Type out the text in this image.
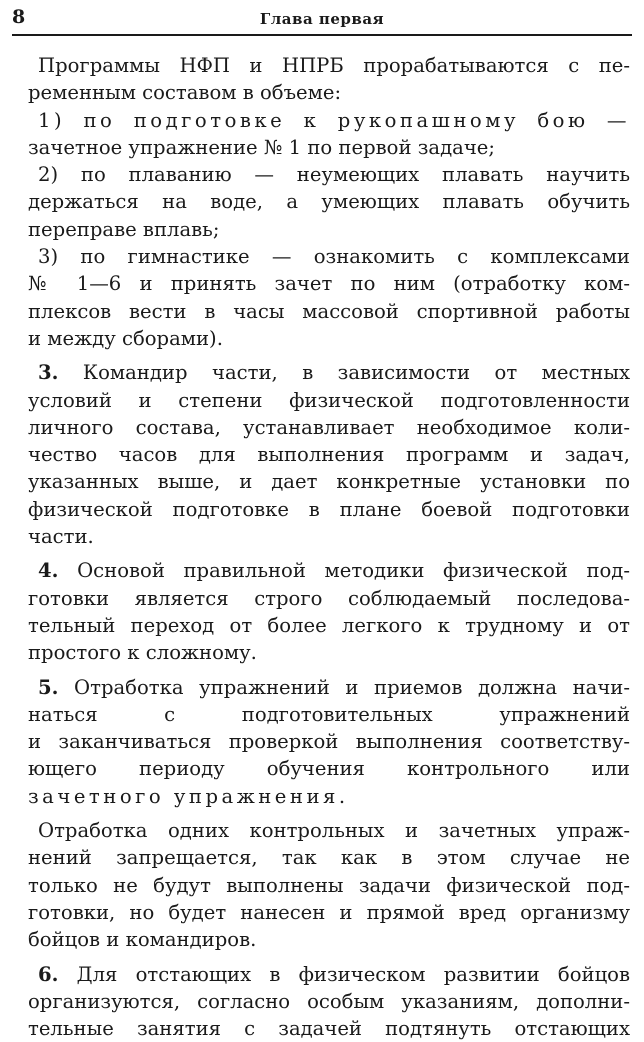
8	Глава первая
Программы НФП и НПРБ прорабатываются с пе-
ременным составом в объеме:
1) по подготовке к рукопашному бою —
зачетное упражнение № 1 по первой задаче;
2) по плаванию — неумеющих плавать научить
держаться на воде, а умеющих плавать обучить
переправе вплавь;
3) по гимнастике — ознакомить с комплексами
№ 1—6 и принять зачет по ним (отработку ком-
плексов вести в часы массовой спортивной работы
и между сборами).
3. Командир части, в зависимости от местных
условий и степени физической подготовленности
личного состава, устанавливает необходимое коли-
чество часов для выполнения программ и задач,
указанных выше, и дает конкретные установки по
физической подготовке в плане боевой подготовки
части.
4. Основой правильной методики физической под-
готовки является строго соблюдаемый последова-
тельный переход от более легкого к трудному и от
простого к сложному.
5. Отработка упражнений и приемов должна начи-
наться с подготовительных упражнений
и заканчиваться проверкой выполнения соответству-
ющего периоду обучения контрольного или
зачетного упражнения.
Отработка одних контрольных и зачетных упраж-
нений запрещается, так как в этом случае не
только не будут выполнены задачи физической под-
готовки, но будет нанесен и прямой вред организму
бойцов и командиров.
6. Для отстающих в физическом развитии бойцов
организуются, согласно особым указаниям, дополни-
тельные занятия с задачей подтянуть отстающих
